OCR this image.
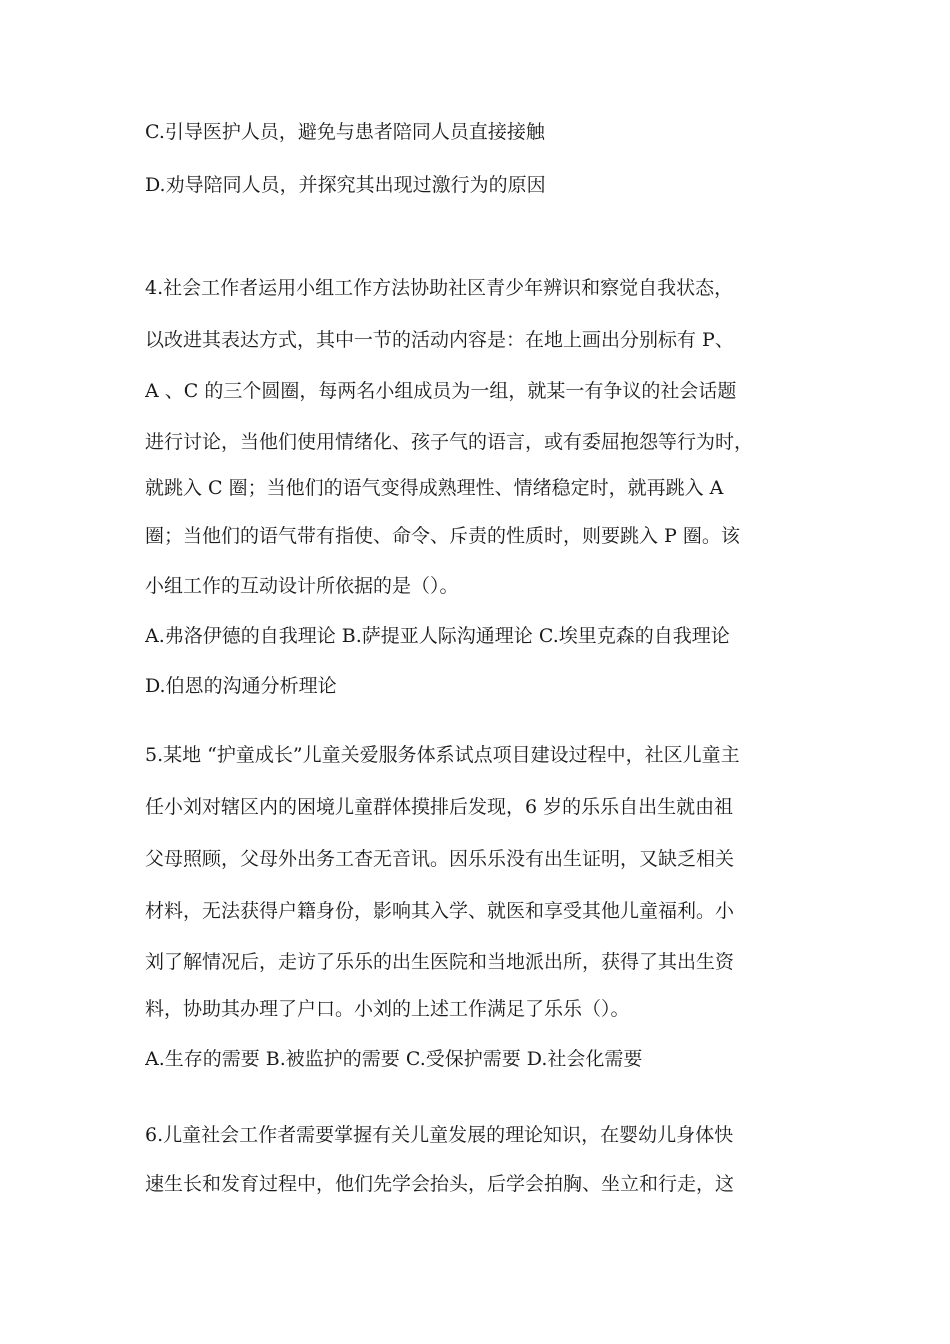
C.引导医护人员，避免与患者陪同人员直接接触
D.劝导陪同人员，并探究其出现过激行为的原因
4.社会工作者运用小组工作方法协助社区青少年辨识和察觉自我状态，
以改进其表达方式，其中一节的活动内容是：在地上画出分别标有 P、
A 、C 的三个圆圈，每两名小组成员为一组，就某一有争议的社会话题
进行讨论，当他们使用情绪化、孩子气的语言，或有委屈抱怨等行为时，
就跳入 C 圈；当他们的语气变得成熟理性、情绪稳定时，就再跳入 A
圈；当他们的语气带有指使、命令、斥责的性质时，则要跳入 P 圈。该
小组工作的互动设计所依据的是（）。
A.弗洛伊德的自我理论 B.萨提亚人际沟通理论 C.埃里克森的自我理论
D.伯恩的沟通分析理论
5.某地 “护童成长”儿童关爱服务体系试点项目建设过程中，社区儿童主
任小刘对辖区内的困境儿童群体摸排后发现，6 岁的乐乐自出生就由祖
父母照顾，父母外出务工杳无音讯。因乐乐没有出生证明，又缺乏相关
材料，无法获得户籍身份，影响其入学、就医和享受其他儿童福利。小
刘了解情况后，走访了乐乐的出生医院和当地派出所，获得了其出生资
料，协助其办理了户口。小刘的上述工作满足了乐乐（）。
A.生存的需要 B.被监护的需要 C.受保护需要 D.社会化需要
6.儿童社会工作者需要掌握有关儿童发展的理论知识，在婴幼儿身体快
速生长和发育过程中，他们先学会抬头，后学会拍胸、坐立和行走，这
